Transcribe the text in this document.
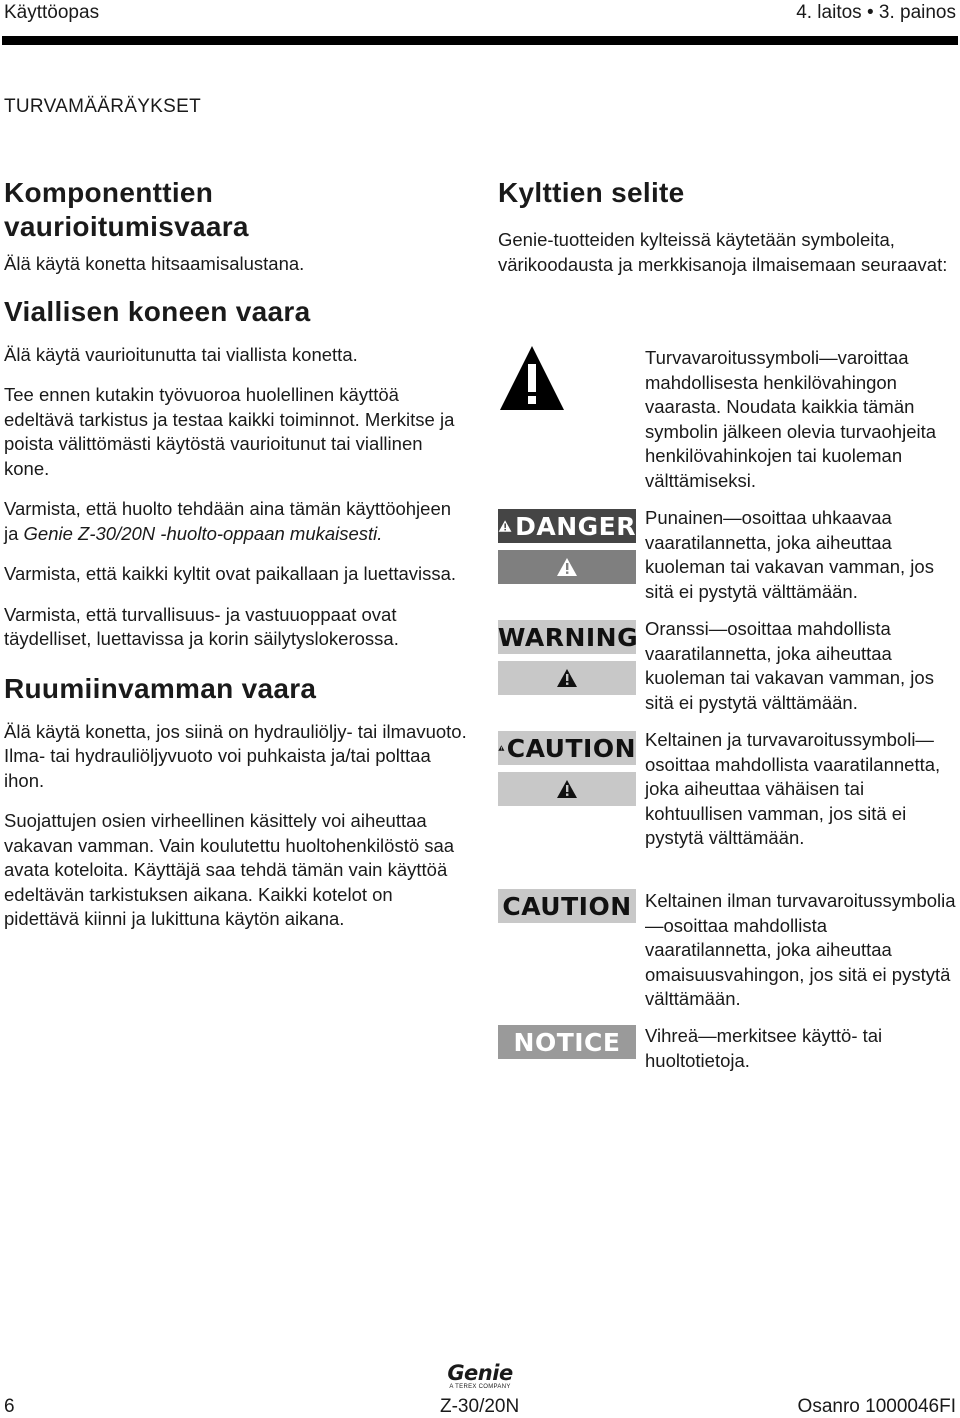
Käyttöopas	4. laitos • 3. painos
TURVAMÄÄRÄYKSET
Komponenttien vaurioitumisvaara

Älä käytä konetta hitsaamisalustana.

Viallisen koneen vaara

Älä käytä vaurioitunutta tai viallista konetta.

Tee ennen kutakin työvuoroa huolellinen käyttöä edeltävä tarkistus ja testaa kaikki toiminnot. Merkitse ja poista välittömästi käytöstä vaurioitunut tai viallinen kone.

Varmista, että huolto tehdään aina tämän käyttöohjeen ja Genie Z-30/20N -huolto-oppaan mukaisesti.

Varmista, että kaikki kyltit ovat paikallaan ja luettavissa.

Varmista, että turvallisuus- ja vastuuoppaat ovat täydelliset, luettavissa ja korin säilytyslokerossa.

Ruumiinvamman vaara

Älä käytä konetta, jos siinä on hydrauliöljy- tai ilmavuoto. Ilma- tai hydrauliöljyvuoto voi puhkaista ja/tai polttaa ihon.

Suojattujen osien virheellinen käsittely voi aiheuttaa vakavan vamman. Vain koulutettu huoltohenkilöstö saa avata koteloita. Käyttäjä saa tehdä tämän vain käyttöä edeltävän tarkistuksen aikana. Kaikki kotelot on pidettävä kiinni ja lukittuna käytön aikana.

Kylttien selite

Genie-tuotteiden kylteissä käytetään symboleita, värikoodausta ja merkkisanoja ilmaisemaan seuraavat:

Turvavaroitussymboli—varoittaa mahdollisesta henkilövahingon vaarasta. Noudata kaikkia tämän symbolin jälkeen olevia turvaohjeita henkilövahinkojen tai kuoleman välttämiseksi.
DANGER Punainen—osoittaa uhkaavaa vaaratilannetta, joka aiheuttaa kuoleman tai vakavan vamman, jos sitä ei pystytä välttämään.
WARNING Oranssi—osoittaa mahdollista vaaratilannetta, joka aiheuttaa kuoleman tai vakavan vamman, jos sitä ei pystytä välttämään.
CAUTION Keltainen ja turvavaroitussymboli—osoittaa mahdollista vaaratilannetta, joka aiheuttaa vähäisen tai kohtuullisen vamman, jos sitä ei pystytä välttämään.
CAUTION Keltainen ilman turvavaroitussymbolia—osoittaa mahdollista vaaratilannetta, joka aiheuttaa omaisuusvahingon, jos sitä ei pystytä välttämään.
NOTICE Vihreä—merkitsee käyttö- tai huoltotietoja.
Genie
A TEREX COMPANY
6	Z-30/20N	Osanro 1000046FI
